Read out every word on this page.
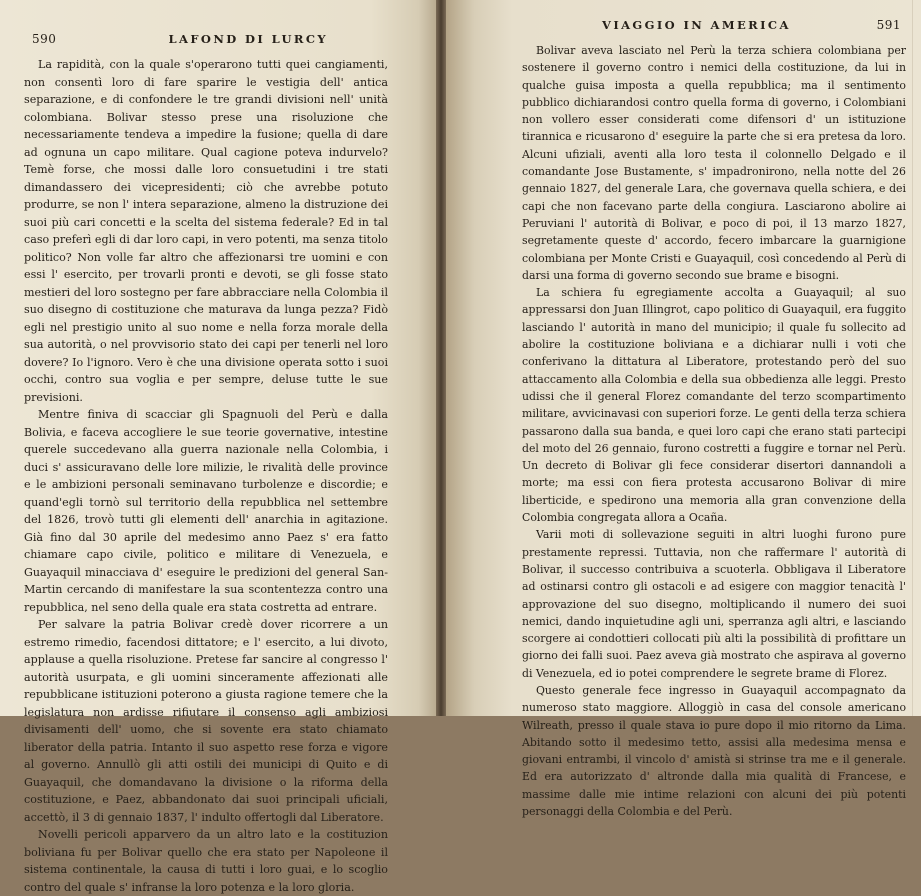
590	LAFOND DI LURCY

La rapidità, con la quale s'operarono tutti quei cangiamenti, non consentì loro di fare sparire le vestigia dell' antica separazione, e di confondere le tre grandi divisioni nell' unità colombiana. Bolivar stesso prese una risoluzione che necessariamente tendeva a impedire la fusione; quella di dare ad ognuna un capo militare. Qual cagione poteva indurvelo? Temè forse, che mossi dalle loro consuetudini i tre stati dimandassero dei vicepresidenti; ciò che avrebbe potuto produrre, se non l' intera separazione, almeno la distruzione dei suoi più cari concetti e la scelta del sistema federale? Ed in tal caso preferì egli di dar loro capi, in vero potenti, ma senza titolo politico? Non volle far altro che affezionarsi tre uomini e con essi l' esercito, per trovarli pronti e devoti, se gli fosse stato mestieri del loro sostegno per fare abbracciare nella Colombia il suo disegno di costituzione che maturava da lunga pezza? Fidò egli nel prestigio unito al suo nome e nella forza morale della sua autorità, o nel provvisorio stato dei capi per tenerli nel loro dovere? Io l'ignoro. Vero è che una divisione operata sotto i suoi occhi, contro sua voglia e per sempre, deluse tutte le sue previsioni.

Mentre finiva di scacciar gli Spagnuoli del Perù e dalla Bolivia, e faceva accogliere le sue teorie governative, intestine querele succedevano alla guerra nazionale nella Colombia, i duci s' assicuravano delle lore milizie, le rivalità delle province e le ambizioni personali seminavano turbolenze e discordie; e quand'egli tornò sul territorio della repubblica nel settembre del 1826, trovò tutti gli elementi dell' anarchia in agitazione. Già fino dal 30 aprile del medesimo anno Paez s' era fatto chiamare capo civile, politico e militare di Venezuela, e Guayaquil minacciava d' eseguire le predizioni del general San-Martin cercando di manifestare la sua scontentezza contro una repubblica, nel seno della quale era stata costretta ad entrare.

Per salvare la patria Bolivar credè dover ricorrere a un estremo rimedio, facendosi dittatore; e l' esercito, a lui divoto, applause a quella risoluzione. Pretese far sancire al congresso l' autorità usurpata, e gli uomini sinceramente affezionati alle repubblicane istituzioni poterono a giusta ragione temere che la legislatura non ardisse rifiutare il consenso agli ambiziosi divisamenti dell' uomo, che si sovente era stato chiamato liberator della patria. Intanto il suo aspetto rese forza e vigore al governo. Annullò gli atti ostili dei municipi di Quito e di Guayaquil, che domandavano la divisione o la riforma della costituzione, e Paez, abbandonato dai suoi principali uficiali, accettò, il 3 di gennaio 1837, l' indulto offertogli dal Liberatore.

Novelli pericoli apparvero da un altro lato e la costituzion boliviana fu per Bolivar quello che era stato per Napoleone il sistema continentale, la causa di tutti i loro guai, e lo scoglio contro del quale s' infranse la loro potenza e la loro gloria.

VIAGGIO IN AMERICA	591

Bolivar aveva lasciato nel Perù la terza schiera colombiana per sostenere il governo contro i nemici della costituzione, da lui in qualche guisa imposta a quella repubblica; ma il sentimento pubblico dichiarandosi contro quella forma di governo, i Colombiani non vollero esser considerati come difensori d' un istituzione tirannica e ricusarono d' eseguire la parte che si era pretesa da loro. Alcuni ufiziali, aventi alla loro testa il colonnello Delgado e il comandante Jose Bustamente, s' impadronirono, nella notte del 26 gennaio 1827, del generale Lara, che governava quella schiera, e dei capi che non facevano parte della congiura. Lasciarono abolire ai Peruviani l' autorità di Bolivar, e poco di poi, il 13 marzo 1827, segretamente queste d' accordo, fecero imbarcare la guarnigione colombiana per Monte Cristi e Guayaquil, così concedendo al Perù di darsi una forma di governo secondo sue brame e bisogni.

La schiera fu egregiamente accolta a Guayaquil; al suo appressarsi don Juan Illingrot, capo politico di Guayaquil, era fuggito lasciando l' autorità in mano del municipio; il quale fu sollecito ad abolire la costituzione boliviana e a dichiarar nulli i voti che conferivano la dittatura al Liberatore, protestando però del suo attaccamento alla Colombia e della sua obbedienza alle leggi. Presto udissi che il general Florez comandante del terzo scompartimento militare, avvicinavasi con superiori forze. Le genti della terza schiera passarono dalla sua banda, e quei loro capi che erano stati partecipi del moto del 26 gennaio, furono costretti a fuggire e tornar nel Perù. Un decreto di Bolivar gli fece considerar disertori dannandoli a morte; ma essi con fiera protesta accusarono Bolivar di mire liberticide, e spedirono una memoria alla gran convenzione della Colombia congregata allora a Ocaña.

Varii moti di sollevazione seguiti in altri luoghi furono pure prestamente repressi. Tuttavia, non che raffermare l' autorità di Bolivar, il successo contribuiva a scuoterla. Obbligava il Liberatore ad ostinarsi contro gli ostacoli e ad esigere con maggior tenacità l' approvazione del suo disegno, moltiplicando il numero dei suoi nemici, dando inquietudine agli uni, sperranza agli altri, e lasciando scorgere ai condottieri collocati più alti la possibilità di profittare un giorno dei falli suoi. Paez aveva già mostrato che aspirava al governo di Venezuela, ed io potei comprendere le segrete brame di Florez.

Questo generale fece ingresso in Guayaquil accompagnato da numeroso stato maggiore. Alloggiò in casa del console americano Wilreath, presso il quale stava io pure dopo il mio ritorno da Lima. Abitando sotto il medesimo tetto, assisi alla medesima mensa e giovani entrambi, il vincolo d' amistà si strinse tra me e il generale. Ed era autorizzato d' altronde dalla mia qualità di Francese, e massime dalle mie intime relazioni con alcuni dei più potenti personaggi della Colombia e del Perù.
